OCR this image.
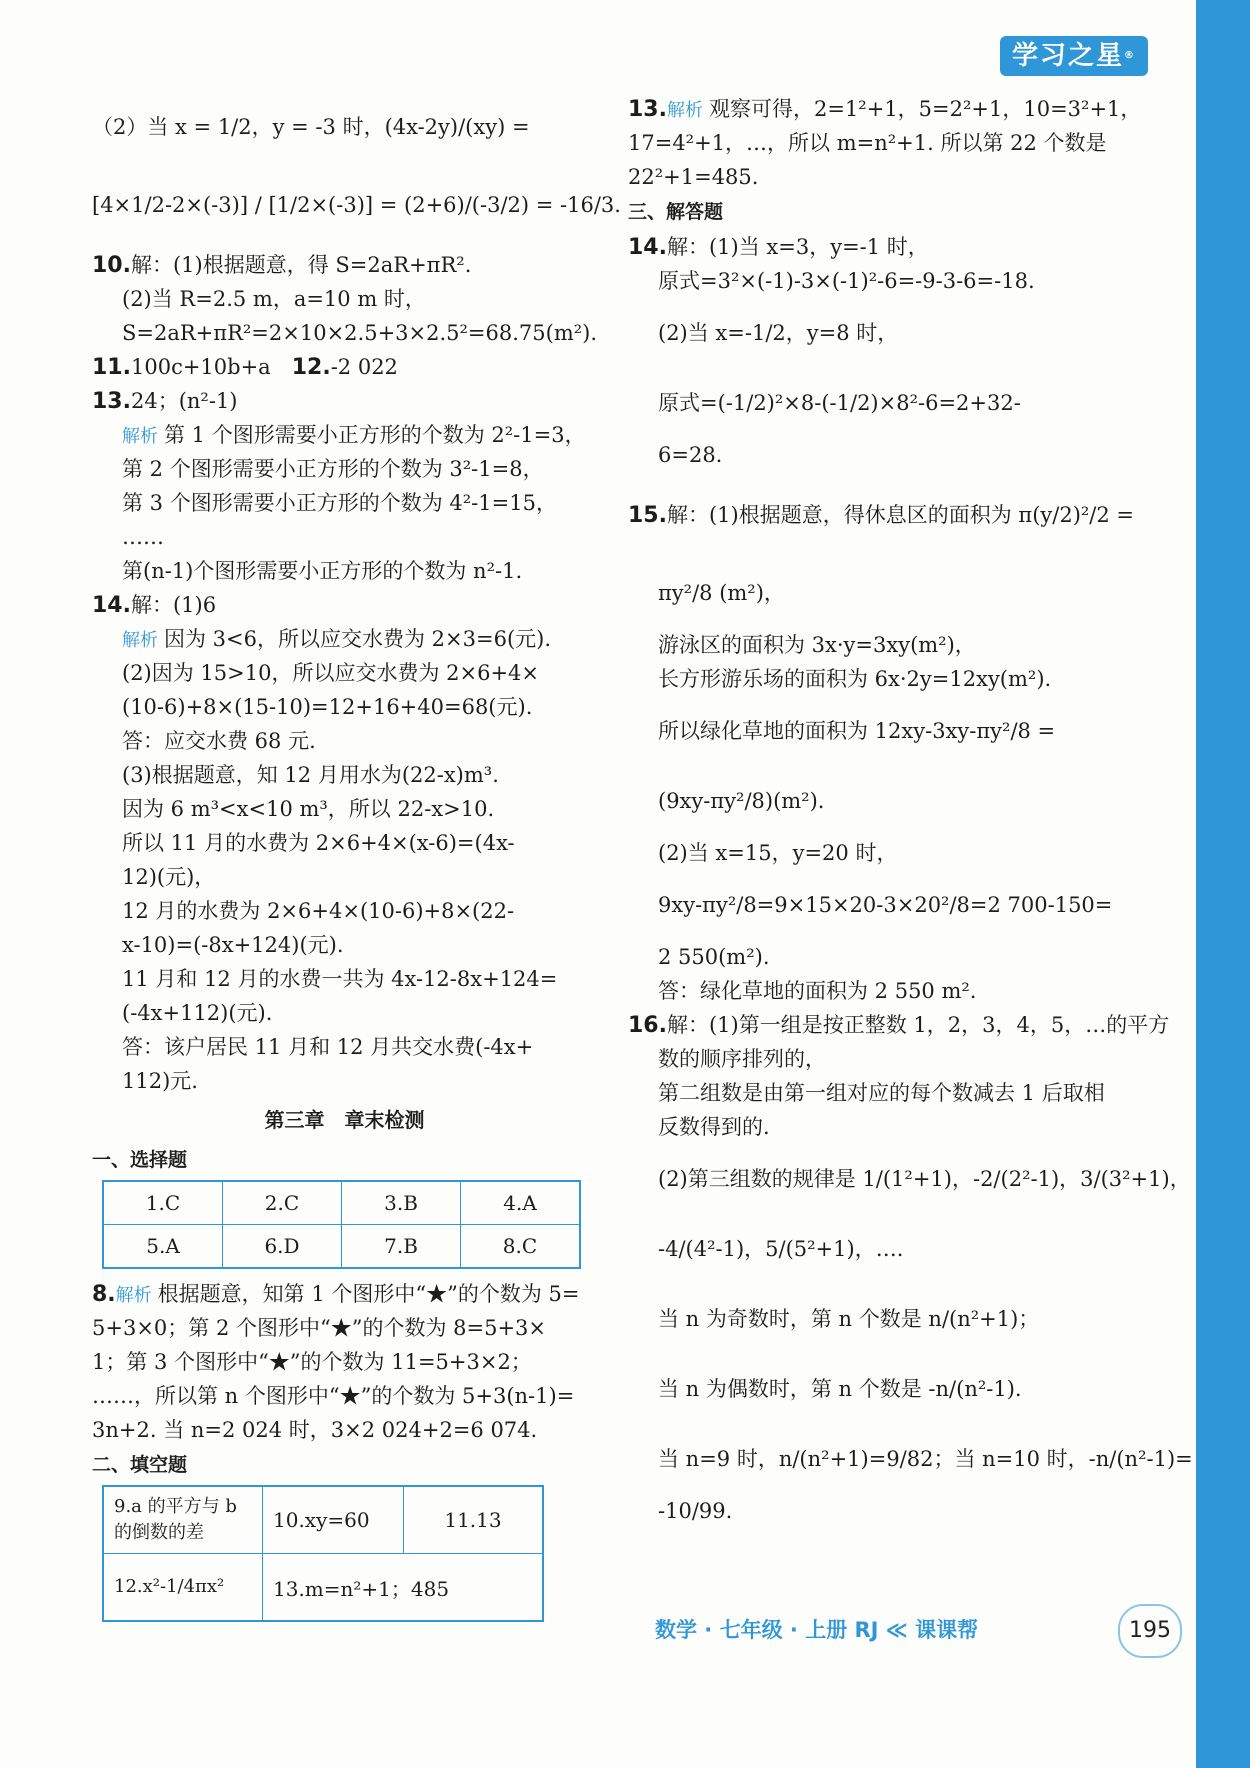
学习之星®
（2）当 x = 1/2，y = -3 时，(4x-2y)/(xy) =
[4×1/2-2×(-3)] / [1/2×(-3)] = (2+6)/(-3/2) = -16/3.
10.解：(1)根据题意，得 S=2aR+πR².
(2)当 R=2.5 m，a=10 m 时，
S=2aR+πR²=2×10×2.5+3×2.5²=68.75(m²).
11.100c+10b+a　 12.-2 022
13.24；(n²-1)
解析 第 1 个图形需要小正方形的个数为 2²-1=3，
第 2 个图形需要小正方形的个数为 3²-1=8，
第 3 个图形需要小正方形的个数为 4²-1=15，
……
第(n-1)个图形需要小正方形的个数为 n²-1.
14.解：(1)6
解析 因为 3<6，所以应交水费为 2×3=6(元).
(2)因为 15>10，所以应交水费为 2×6+4×
(10-6)+8×(15-10)=12+16+40=68(元).
答：应交水费 68 元.
(3)根据题意，知 12 月用水为(22-x)m³.
因为 6 m³<x<10 m³，所以 22-x>10.
所以 11 月的水费为 2×6+4×(x-6)=(4x-
12)(元)，
12 月的水费为 2×6+4×(10-6)+8×(22-
x-10)=(-8x+124)(元).
11 月和 12 月的水费一共为 4x-12-8x+124=
(-4x+112)(元).
答：该户居民 11 月和 12 月共交水费(-4x+
112)元.
第三章　章末检测
一、选择题
1.C	2.C	3.B	4.A
5.A	6.D	7.B	8.C
8.解析 根据题意，知第 1 个图形中“★”的个数为 5=
5+3×0；第 2 个图形中“★”的个数为 8=5+3×
1；第 3 个图形中“★”的个数为 11=5+3×2；
……，所以第 n 个图形中“★”的个数为 5+3(n-1)=
3n+2. 当 n=2 024 时，3×2 024+2=6 074.
二、填空题
9.a 的平方与 b 的倒数的差	10.xy=60	11.13
12.x²-1/4πx²	13.m=n²+1；485	
13.解析 观察可得，2=1²+1，5=2²+1，10=3²+1，
17=4²+1，…，所以 m=n²+1. 所以第 22 个数是
22²+1=485.
三、解答题
14.解：(1)当 x=3，y=-1 时，
原式=3²×(-1)-3×(-1)²-6=-9-3-6=-18.
(2)当 x=-1/2，y=8 时，
原式=(-1/2)²×8-(-1/2)×8²-6=2+32-
6=28.
15.解：(1)根据题意，得休息区的面积为 π(y/2)²/2 =
πy²/8 (m²)，
游泳区的面积为 3x·y=3xy(m²)，
长方形游乐场的面积为 6x·2y=12xy(m²).
所以绿化草地的面积为 12xy-3xy-πy²/8 =
(9xy-πy²/8)(m²).
(2)当 x=15，y=20 时，
9xy-πy²/8=9×15×20-3×20²/8=2 700-150=
2 550(m²).
答：绿化草地的面积为 2 550 m².
16.解：(1)第一组是按正整数 1，2，3，4，5，…的平方
数的顺序排列的，
第二组数是由第一组对应的每个数减去 1 后取相
反数得到的.
(2)第三组数的规律是 1/(1²+1)，-2/(2²-1)，3/(3²+1)，
-4/(4²-1)，5/(5²+1)，….
当 n 为奇数时，第 n 个数是 n/(n²+1)；
当 n 为偶数时，第 n 个数是 -n/(n²-1).
当 n=9 时，n/(n²+1)=9/82；当 n=10 时，-n/(n²-1)=
-10/99.
数学 · 七年级 · 上册 RJ ≪ 课课帮	195
